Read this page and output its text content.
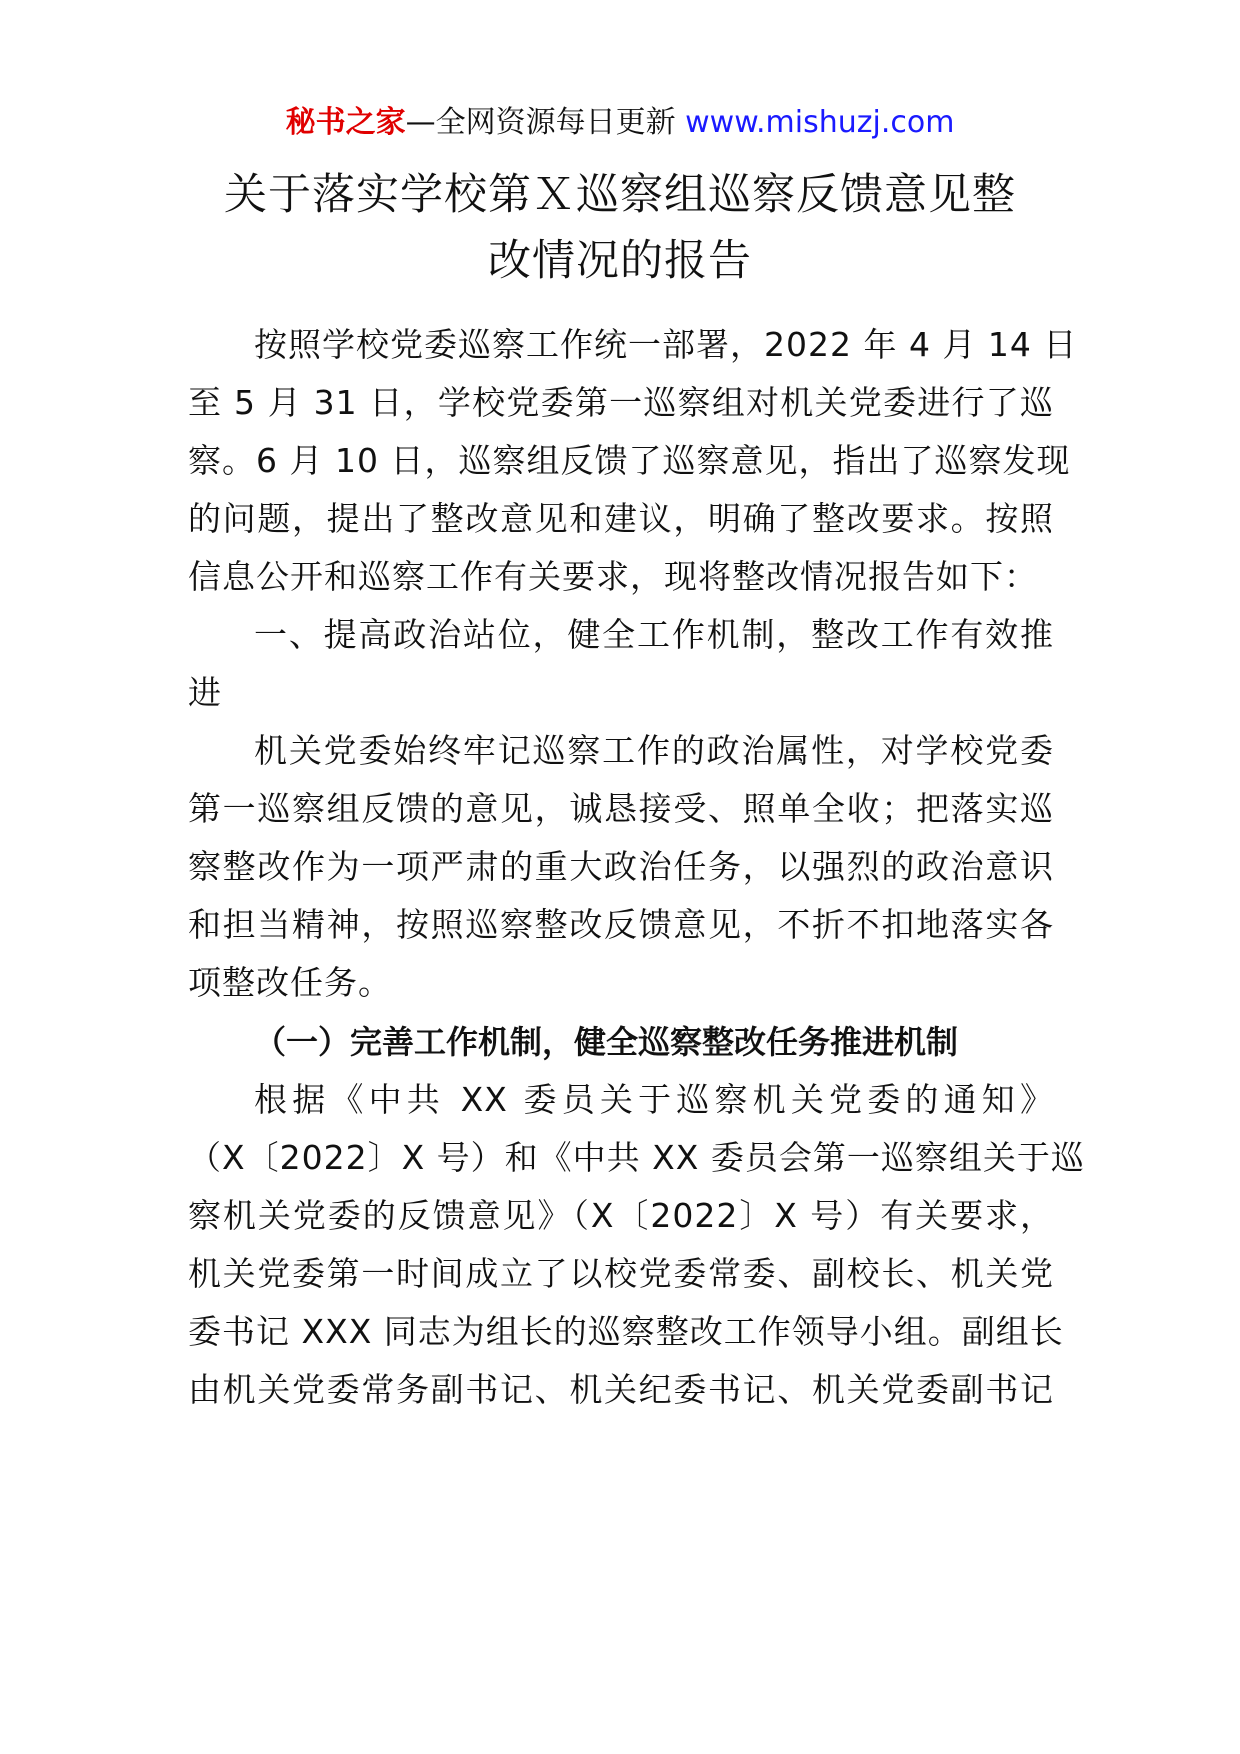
秘书之家—全网资源每日更新 www.mishuzj.com
关于落实学校第Ｘ巡察组巡察反馈意见整
改情况的报告
按照学校党委巡察工作统一部署，2022 年 4 月 14 日
至 5 月 31 日，学校党委第一巡察组对机关党委进行了巡
察。6 月 10 日，巡察组反馈了巡察意见，指出了巡察发现
的问题，提出了整改意见和建议，明确了整改要求。按照
信息公开和巡察工作有关要求，现将整改情况报告如下：
一、提高政治站位，健全工作机制，整改工作有效推
进
机关党委始终牢记巡察工作的政治属性，对学校党委
第一巡察组反馈的意见，诚恳接受、照单全收；把落实巡
察整改作为一项严肃的重大政治任务，以强烈的政治意识
和担当精神，按照巡察整改反馈意见，不折不扣地落实各
项整改任务。
（一）完善工作机制，健全巡察整改任务推进机制
根据《中共 XX 委员关于巡察机关党委的通知》
（X〔2022〕X 号）和《中共 XX 委员会第一巡察组关于巡
察机关党委的反馈意见》（X〔2022〕X 号）有关要求，
机关党委第一时间成立了以校党委常委、副校长、机关党
委书记 XXX 同志为组长的巡察整改工作领导小组。副组长
由机关党委常务副书记、机关纪委书记、机关党委副书记
